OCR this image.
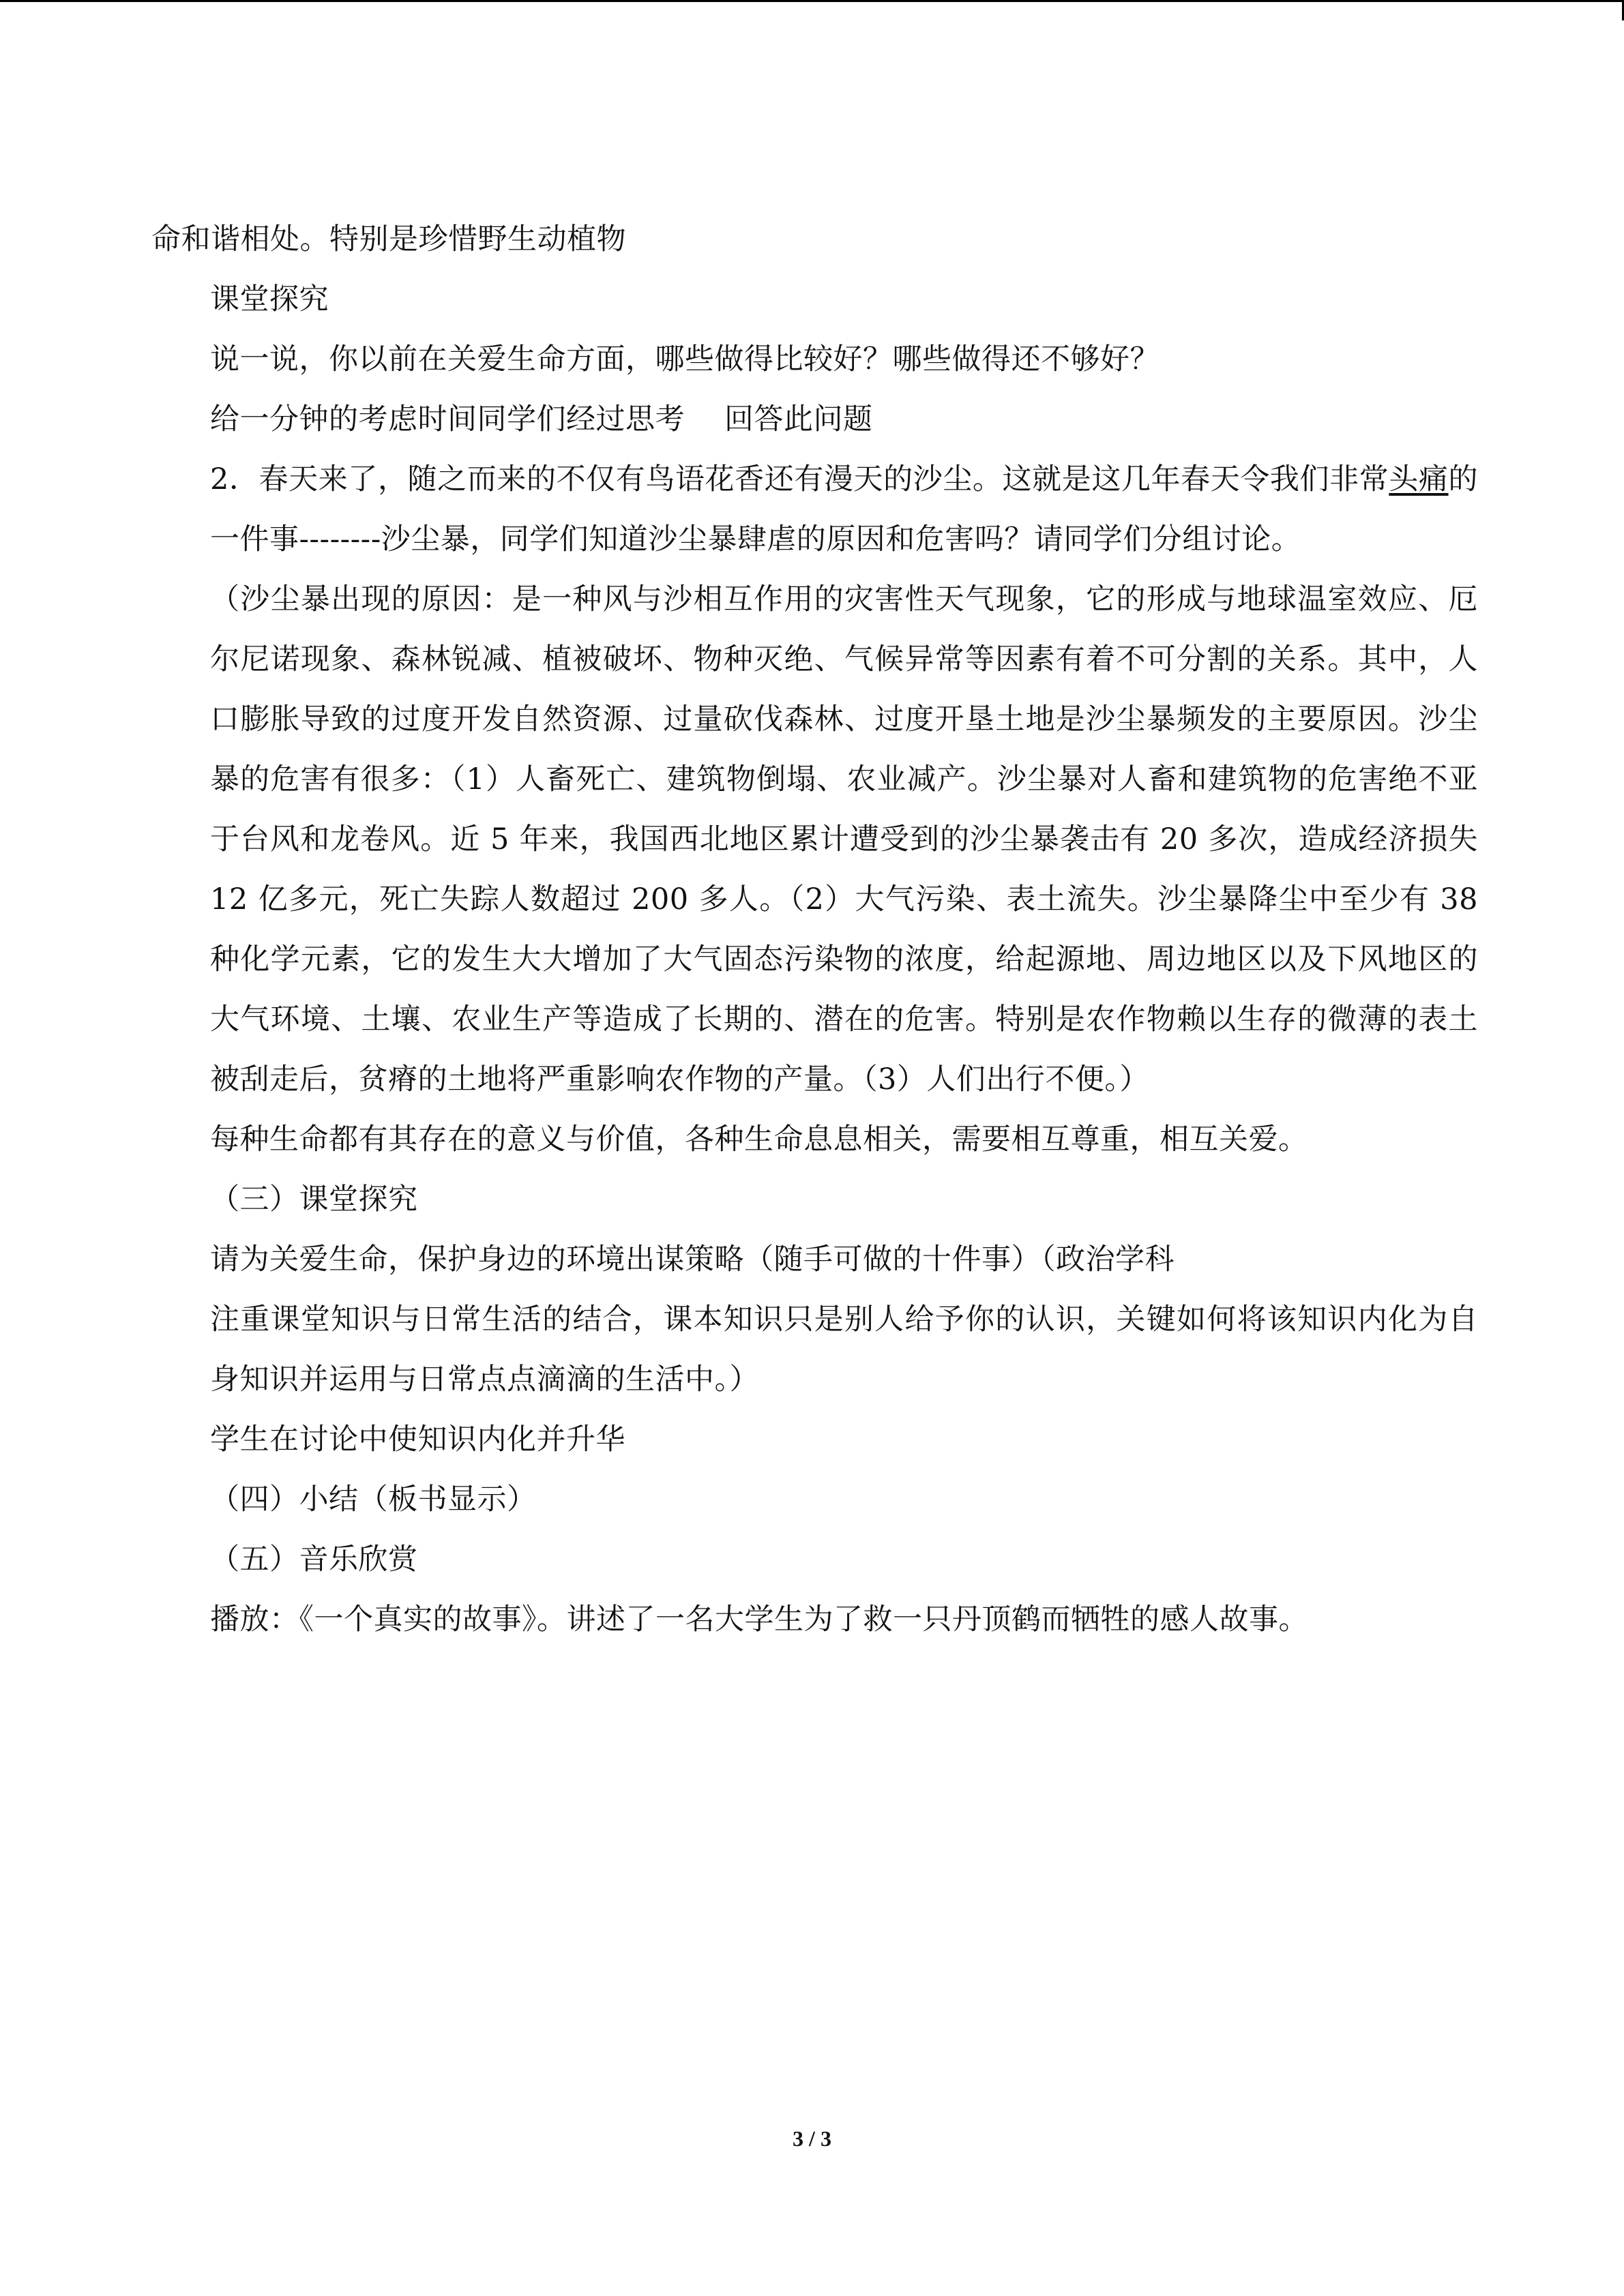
命和谐相处。特别是珍惜野生动植物
课堂探究
说一说，你以前在关爱生命方面，哪些做得比较好？哪些做得还不够好？
给一分钟的考虑时间同学们经过思考 回答此问题

2．春天来了，随之而来的不仅有鸟语花香还有漫天的沙尘。这就是这几年春天令我们非常头痛的一件事--------沙尘暴，同学们知道沙尘暴肆虐的原因和危害吗？请同学们分组讨论。

（沙尘暴出现的原因：是一种风与沙相互作用的灾害性天气现象，它的形成与地球温室效应、厄尔尼诺现象、森林锐减、植被破坏、物种灭绝、气候异常等因素有着不可分割的关系。其中，人口膨胀导致的过度开发自然资源、过量砍伐森林、过度开垦土地是沙尘暴频发的主要原因。沙尘暴的危害有很多：（1）人畜死亡、建筑物倒塌、农业减产。沙尘暴对人畜和建筑物的危害绝不亚于台风和龙卷风。近 5 年来，我国西北地区累计遭受到的沙尘暴袭击有 20 多次，造成经济损失 12 亿多元，死亡失踪人数超过 200 多人。（2）大气污染、表土流失。沙尘暴降尘中至少有 38 种化学元素，它的发生大大增加了大气固态污染物的浓度，给起源地、周边地区以及下风地区的大气环境、土壤、农业生产等造成了长期的、潜在的危害。特别是农作物赖以生存的微薄的表土被刮走后，贫瘠的土地将严重影响农作物的产量。（3）人们出行不便。）

每种生命都有其存在的意义与价值，各种生命息息相关，需要相互尊重，相互关爱。
（三）课堂探究
请为关爱生命，保护身边的环境出谋策略（随手可做的十件事）（政治学科

注重课堂知识与日常生活的结合，课本知识只是别人给予你的认识，关键如何将该知识内化为自身知识并运用与日常点点滴滴的生活中。）

学生在讨论中使知识内化并升华
（四）小结（板书显示）
（五）音乐欣赏
播放：《一个真实的故事》。讲述了一名大学生为了救一只丹顶鹤而牺牲的感人故事。
3 / 3
